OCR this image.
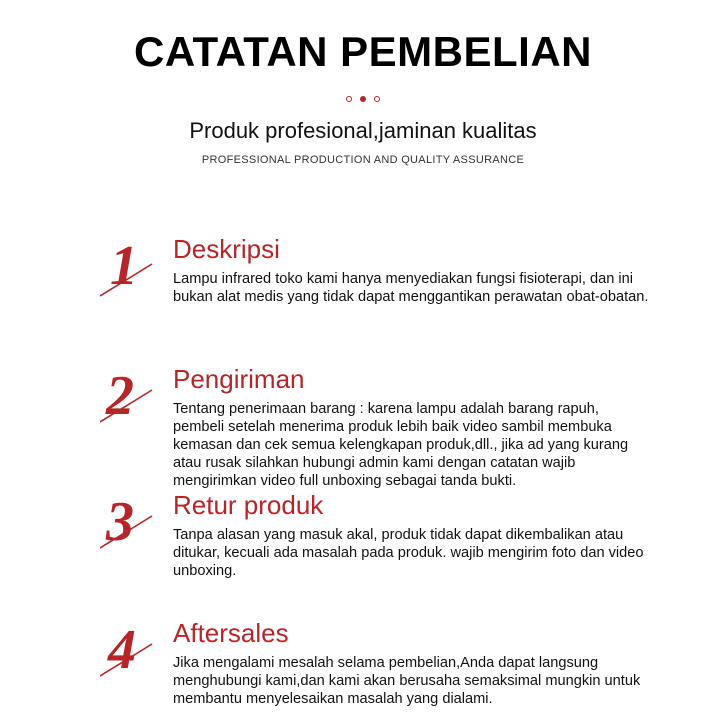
CATATAN PEMBELIAN
Produk profesional,jaminan kualitas
PROFESSIONAL PRODUCTION AND QUALITY ASSURANCE
1 Deskripsi
Lampu infrared toko kami hanya menyediakan fungsi fisioterapi, dan ini bukan alat medis yang tidak dapat menggantikan perawatan obat-obatan.
2 Pengiriman
Tentang penerimaan barang : karena lampu adalah barang rapuh, pembeli setelah menerima produk lebih baik video sambil membuka kemasan dan cek semua kelengkapan produk,dll., jika ad yang kurang atau rusak silahkan hubungi admin kami dengan catatan wajib mengirimkan video full unboxing sebagai tanda bukti.
3 Retur produk
Tanpa alasan yang masuk akal, produk tidak dapat dikembalikan atau ditukar, kecuali ada masalah pada produk. wajib mengirim foto dan video unboxing.
4 Aftersales
Jika mengalami mesalah selama pembelian,Anda dapat langsung menghubungi kami,dan kami akan berusaha semaksimal mungkin untuk membantu menyelesaikan masalah yang dialami.
